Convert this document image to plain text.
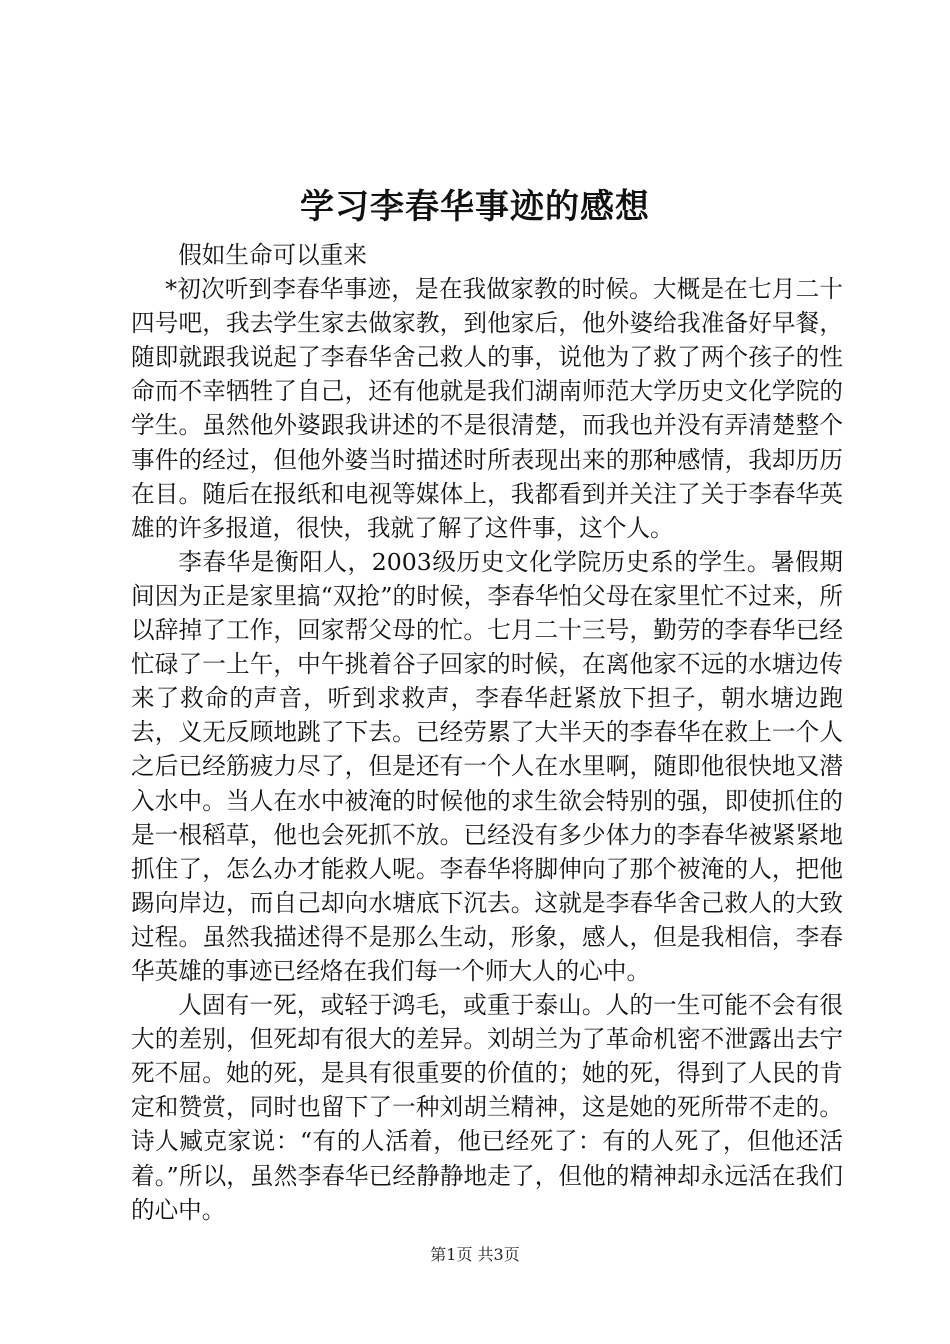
学习李春华事迹的感想

假如生命可以重来

*初次听到李春华事迹，是在我做家教的时候。大概是在七月二十四号吧，我去学生家去做家教，到他家后，他外婆给我准备好早餐，随即就跟我说起了李春华舍己救人的事，说他为了救了两个孩子的性命而不幸牺牲了自己，还有他就是我们湖南师范大学历史文化学院的学生。虽然他外婆跟我讲述的不是很清楚，而我也并没有弄清楚整个事件的经过，但他外婆当时描述时所表现出来的那种感情，我却历历在目。随后在报纸和电视等媒体上，我都看到并关注了关于李春华英雄的许多报道，很快，我就了解了这件事，这个人。

李春华是衡阳人，2003级历史文化学院历史系的学生。暑假期间因为正是家里搞“双抢”的时候，李春华怕父母在家里忙不过来，所以辞掉了工作，回家帮父母的忙。七月二十三号，勤劳的李春华已经忙碌了一上午，中午挑着谷子回家的时候，在离他家不远的水塘边传来了救命的声音，听到求救声，李春华赶紧放下担子，朝水塘边跑去，义无反顾地跳了下去。已经劳累了大半天的李春华在救上一个人之后已经筋疲力尽了，但是还有一个人在水里啊，随即他很快地又潜入水中。当人在水中被淹的时候他的求生欲会特别的强，即使抓住的是一根稻草，他也会死抓不放。已经没有多少体力的李春华被紧紧地抓住了，怎么办才能救人呢。李春华将脚伸向了那个被淹的人，把他踢向岸边，而自己却向水塘底下沉去。这就是李春华舍己救人的大致过程。虽然我描述得不是那么生动，形象，感人，但是我相信，李春华英雄的事迹已经烙在我们每一个师大人的心中。

人固有一死，或轻于鸿毛，或重于泰山。人的一生可能不会有很大的差别，但死却有很大的差异。刘胡兰为了革命机密不泄露出去宁死不屈。她的死，是具有很重要的价值的；她的死，得到了人民的肯定和赞赏，同时也留下了一种刘胡兰精神，这是她的死所带不走的。诗人臧克家说：“有的人活着，他已经死了：有的人死了，但他还活着。”所以，虽然李春华已经静静地走了，但他的精神却永远活在我们的心中。

第1页 共3页
